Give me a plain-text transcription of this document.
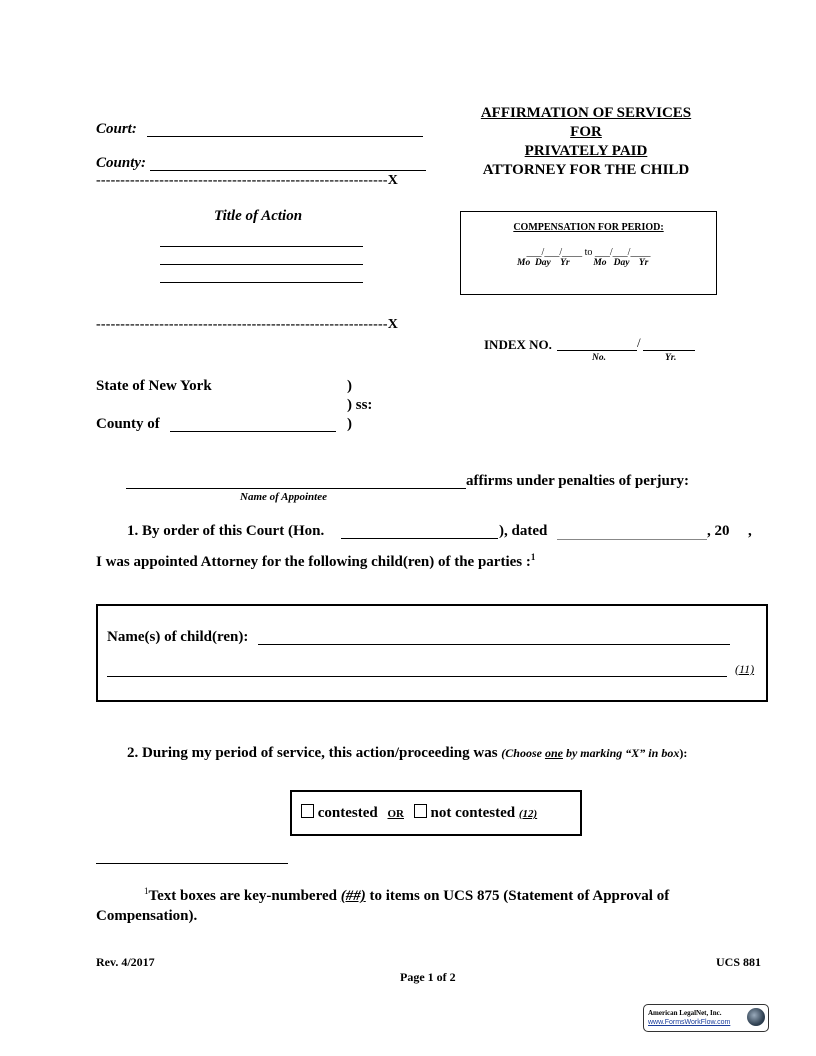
Court:
County:
------------------------------------------------------------X
Title of Action
------------------------------------------------------------X
AFFIRMATION OF SERVICES
FOR
PRIVATELY PAID
ATTORNEY FOR THE CHILD
COMPENSATION FOR PERIOD:
___/___/____ to ___/___/____
Mo  Day    Yr          Mo   Day    Yr
INDEX NO.	/
No.	Yr.
State of New York	)
) ss:
County of	)
affirms under penalties of perjury:
Name of Appointee
1. By order of this Court (Hon.	), dated	, 20 ,
I was appointed Attorney for the following child(ren) of the parties :$^1$
Name(s) of child(ren):
(11)
2. During my period of service, this action/proceeding was (Choose one by marking “X” in box):
contested OR not contested (12)
$^1$Text boxes are key-numbered (##) to items on UCS 875 (Statement of Approval of
Compensation).
Rev. 4/2017
Page 1 of 2
UCS 881
American LegalNet, Inc.
www.FormsWorkFlow.com
